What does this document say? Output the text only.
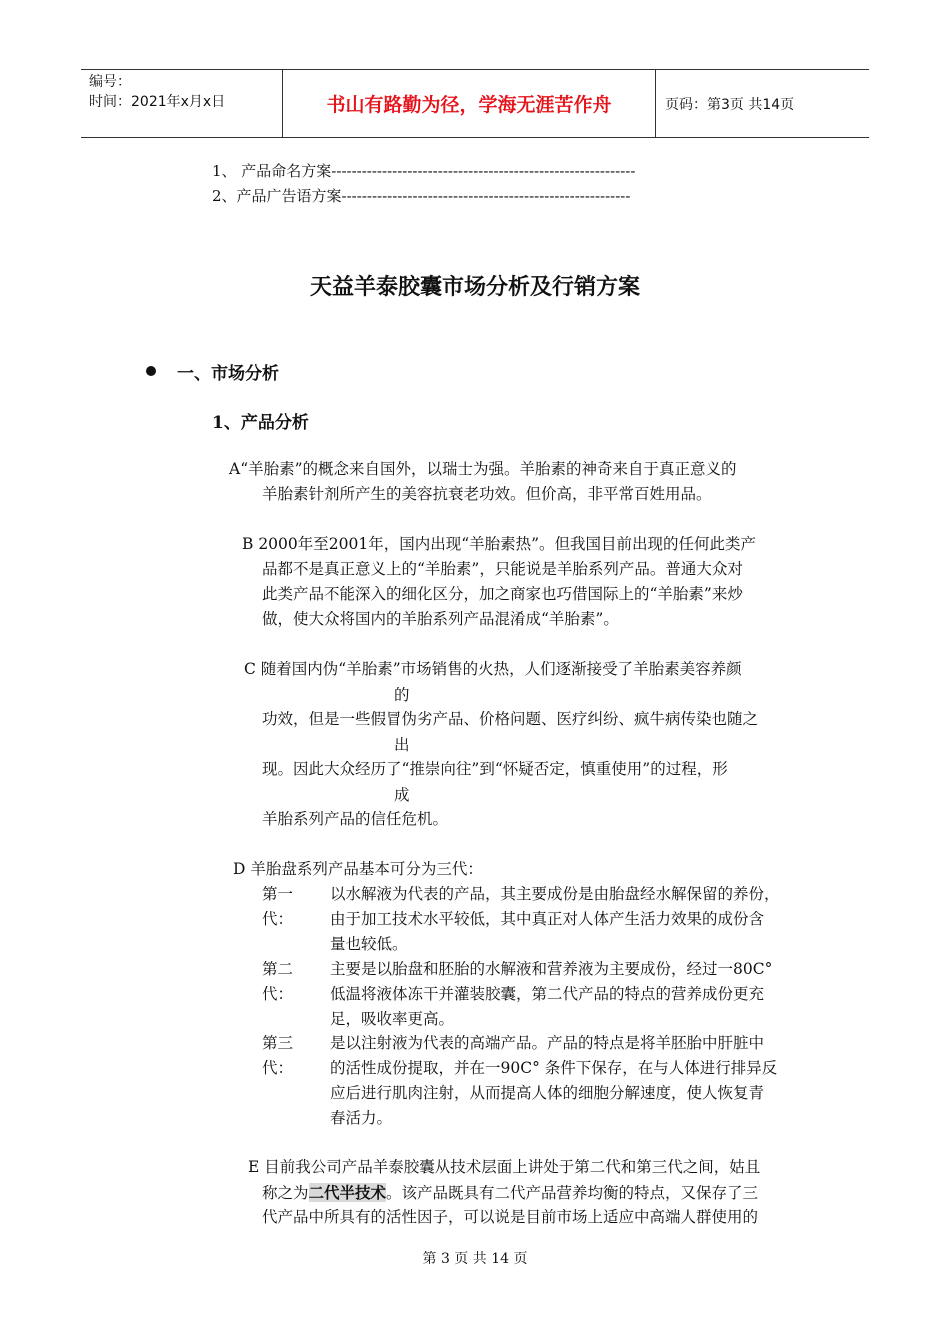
编号：
时间：2021年x月x日	书山有路勤为径，学海无涯苦作舟	页码：第3页 共14页
1、 产品命名方案------------------------------------------------------------
2、产品广告语方案---------------------------------------------------------
天益羊泰胶囊市场分析及行销方案
一、市场分析
1、产品分析
A“羊胎素”的概念来自国外，以瑞士为强。羊胎素的神奇来自于真正意义的
羊胎素针剂所产生的美容抗衰老功效。但价高，非平常百姓用品。
B 2000年至2001年，国内出现“羊胎素热”。但我国目前出现的任何此类产
品都不是真正意义上的“羊胎素”，只能说是羊胎系列产品。普通大众对
此类产品不能深入的细化区分，加之商家也巧借国际上的“羊胎素”来炒
做，使大众将国内的羊胎系列产品混淆成“羊胎素”。
C 随着国内伪“羊胎素”市场销售的火热，人们逐渐接受了羊胎素美容养颜
的
功效，但是一些假冒伪劣产品、价格问题、医疗纠纷、疯牛病传染也随之
出
现。因此大众经历了“推崇向往”到“怀疑否定，慎重使用”的过程，形
成
羊胎系列产品的信任危机。
D 羊胎盘系列产品基本可分为三代：
第一代：
以水解液为代表的产品，其主要成份是由胎盘经水解保留的养份，
由于加工技术水平较低，其中真正对人体产生活力效果的成份含
量也较低。
第二代：
主要是以胎盘和胚胎的水解液和营养液为主要成份，经过一80C°
低温将液体冻干并灌装胶囊，第二代产品的特点的营养成份更充
足，吸收率更高。
第三代：
是以注射液为代表的高端产品。产品的特点是将羊胚胎中肝脏中
的活性成份提取，并在一90C° 条件下保存，在与人体进行排异反
应后进行肌肉注射，从而提高人体的细胞分解速度，使人恢复青
春活力。
E 目前我公司产品羊泰胶囊从技术层面上讲处于第二代和第三代之间，姑且
称之为二代半技术。该产品既具有二代产品营养均衡的特点，又保存了三
代产品中所具有的活性因子，可以说是目前市场上适应中高端人群使用的
第 3 页 共 14 页
